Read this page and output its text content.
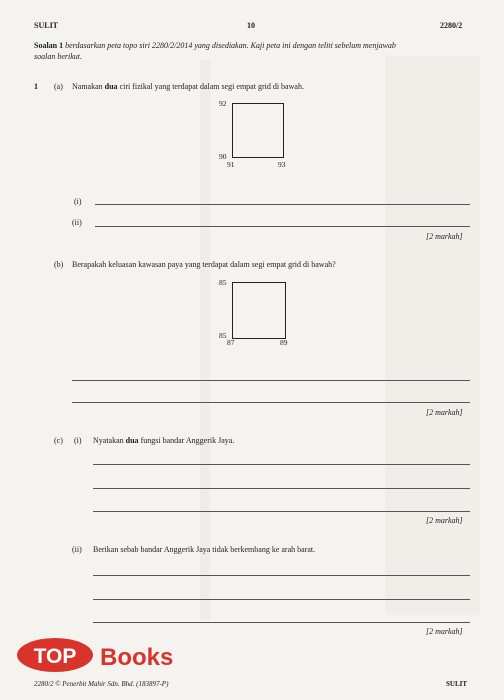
SULIT	10	2280/2
Soalan 1 berdasarkan peta topo siri 2280/2/2014 yang disediakan. Kaji peta ini dengan teliti sebelum menjawab
soalan berikut.
1 (a) Namakan dua ciri fizikal yang terdapat dalam segi empat grid di bawah.
92
90
91	93
(i)
(ii)
[2 markah]
(b) Berapakah keluasan kawasan paya yang terdapat dalam segi empat grid di bawah?
85
85
87	89
[2 markah]
(c) (i) Nyatakan dua fungsi bandar Anggerik Jaya.
[2 markah]
(ii) Berikan sebab bandar Anggerik Jaya tidak berkembang ke arah barat.
[2 markah]
TOP Books
2280/2 © Penerbit Mahir Sdn. Bhd. (183897-P)	SULIT
